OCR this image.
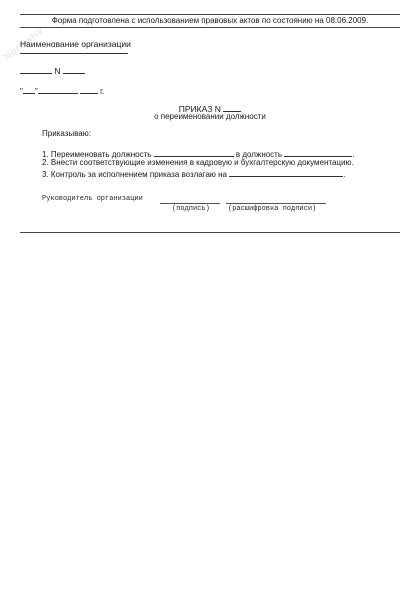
Normativ
Форма подготовлена с использованием правовых актов по состоянию на 08.06.2009.
Наименование организации
N
" "	г.
ПРИКАЗ N
о переименовании должности
Приказываю:
1. Переименовать должность	в должность	.
2. Внести соответствующие изменения в кадровую и бухгалтерскую документацию.
3. Контроль за исполнением приказа возлагаю на	.
Руководитель организации
(подпись)	(расшифровка подписи)
